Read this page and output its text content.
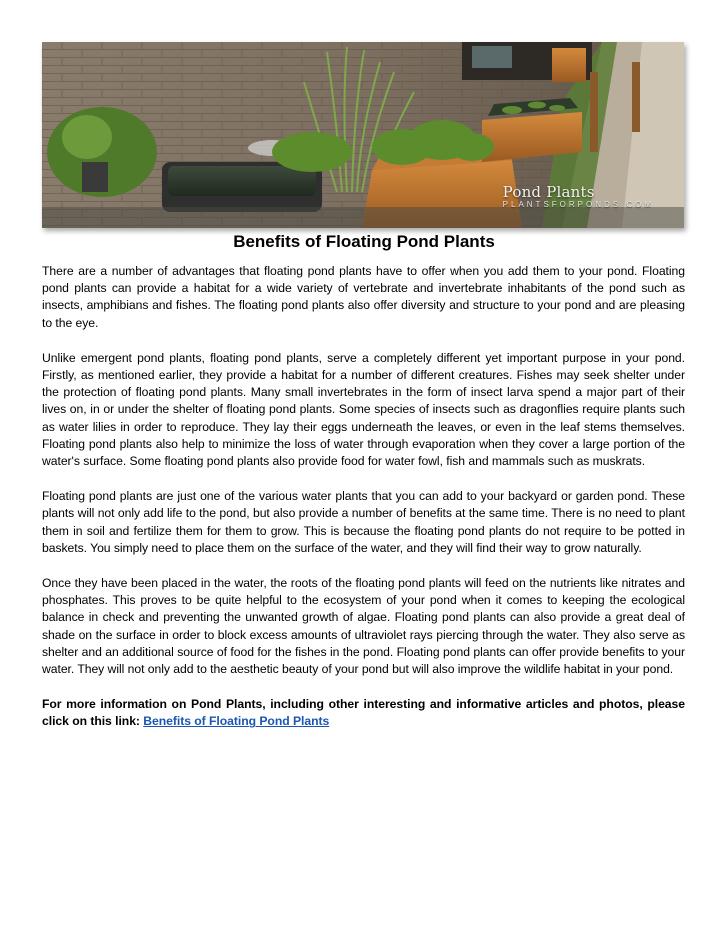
Pond Plants
PLANTSFORPONDS.COM
Benefits of Floating Pond Plants

There are a number of advantages that floating pond plants have to offer when you add them to your pond. Floating pond plants can provide a habitat for a wide variety of vertebrate and invertebrate inhabitants of the pond such as insects, amphibians and fishes. The floating pond plants also offer diversity and structure to your pond and are pleasing to the eye.

Unlike emergent pond plants, floating pond plants, serve a completely different yet important purpose in your pond. Firstly, as mentioned earlier, they provide a habitat for a number of different creatures. Fishes may seek shelter under the protection of floating pond plants. Many small invertebrates in the form of insect larva spend a major part of their lives on, in or under the shelter of floating pond plants. Some species of insects such as dragonflies require plants such as water lilies in order to reproduce. They lay their eggs underneath the leaves, or even in the leaf stems themselves. Floating pond plants also help to minimize the loss of water through evaporation when they cover a large portion of the water's surface. Some floating pond plants also provide food for water fowl, fish and mammals such as muskrats.

Floating pond plants are just one of the various water plants that you can add to your backyard or garden pond. These plants will not only add life to the pond, but also provide a number of benefits at the same time. There is no need to plant them in soil and fertilize them for them to grow. This is because the floating pond plants do not require to be potted in baskets. You simply need to place them on the surface of the water, and they will find their way to grow naturally.

Once they have been placed in the water, the roots of the floating pond plants will feed on the nutrients like nitrates and phosphates. This proves to be quite helpful to the ecosystem of your pond when it comes to keeping the ecological balance in check and preventing the unwanted growth of algae. Floating pond plants can also provide a great deal of shade on the surface in order to block excess amounts of ultraviolet rays piercing through the water. They also serve as shelter and an additional source of food for the fishes in the pond. Floating pond plants can offer provide benefits to your water. They will not only add to the aesthetic beauty of your pond but will also improve the wildlife habitat in your pond.

For more information on Pond Plants, including other interesting and informative articles and photos, please click on this link: Benefits of Floating Pond Plants
